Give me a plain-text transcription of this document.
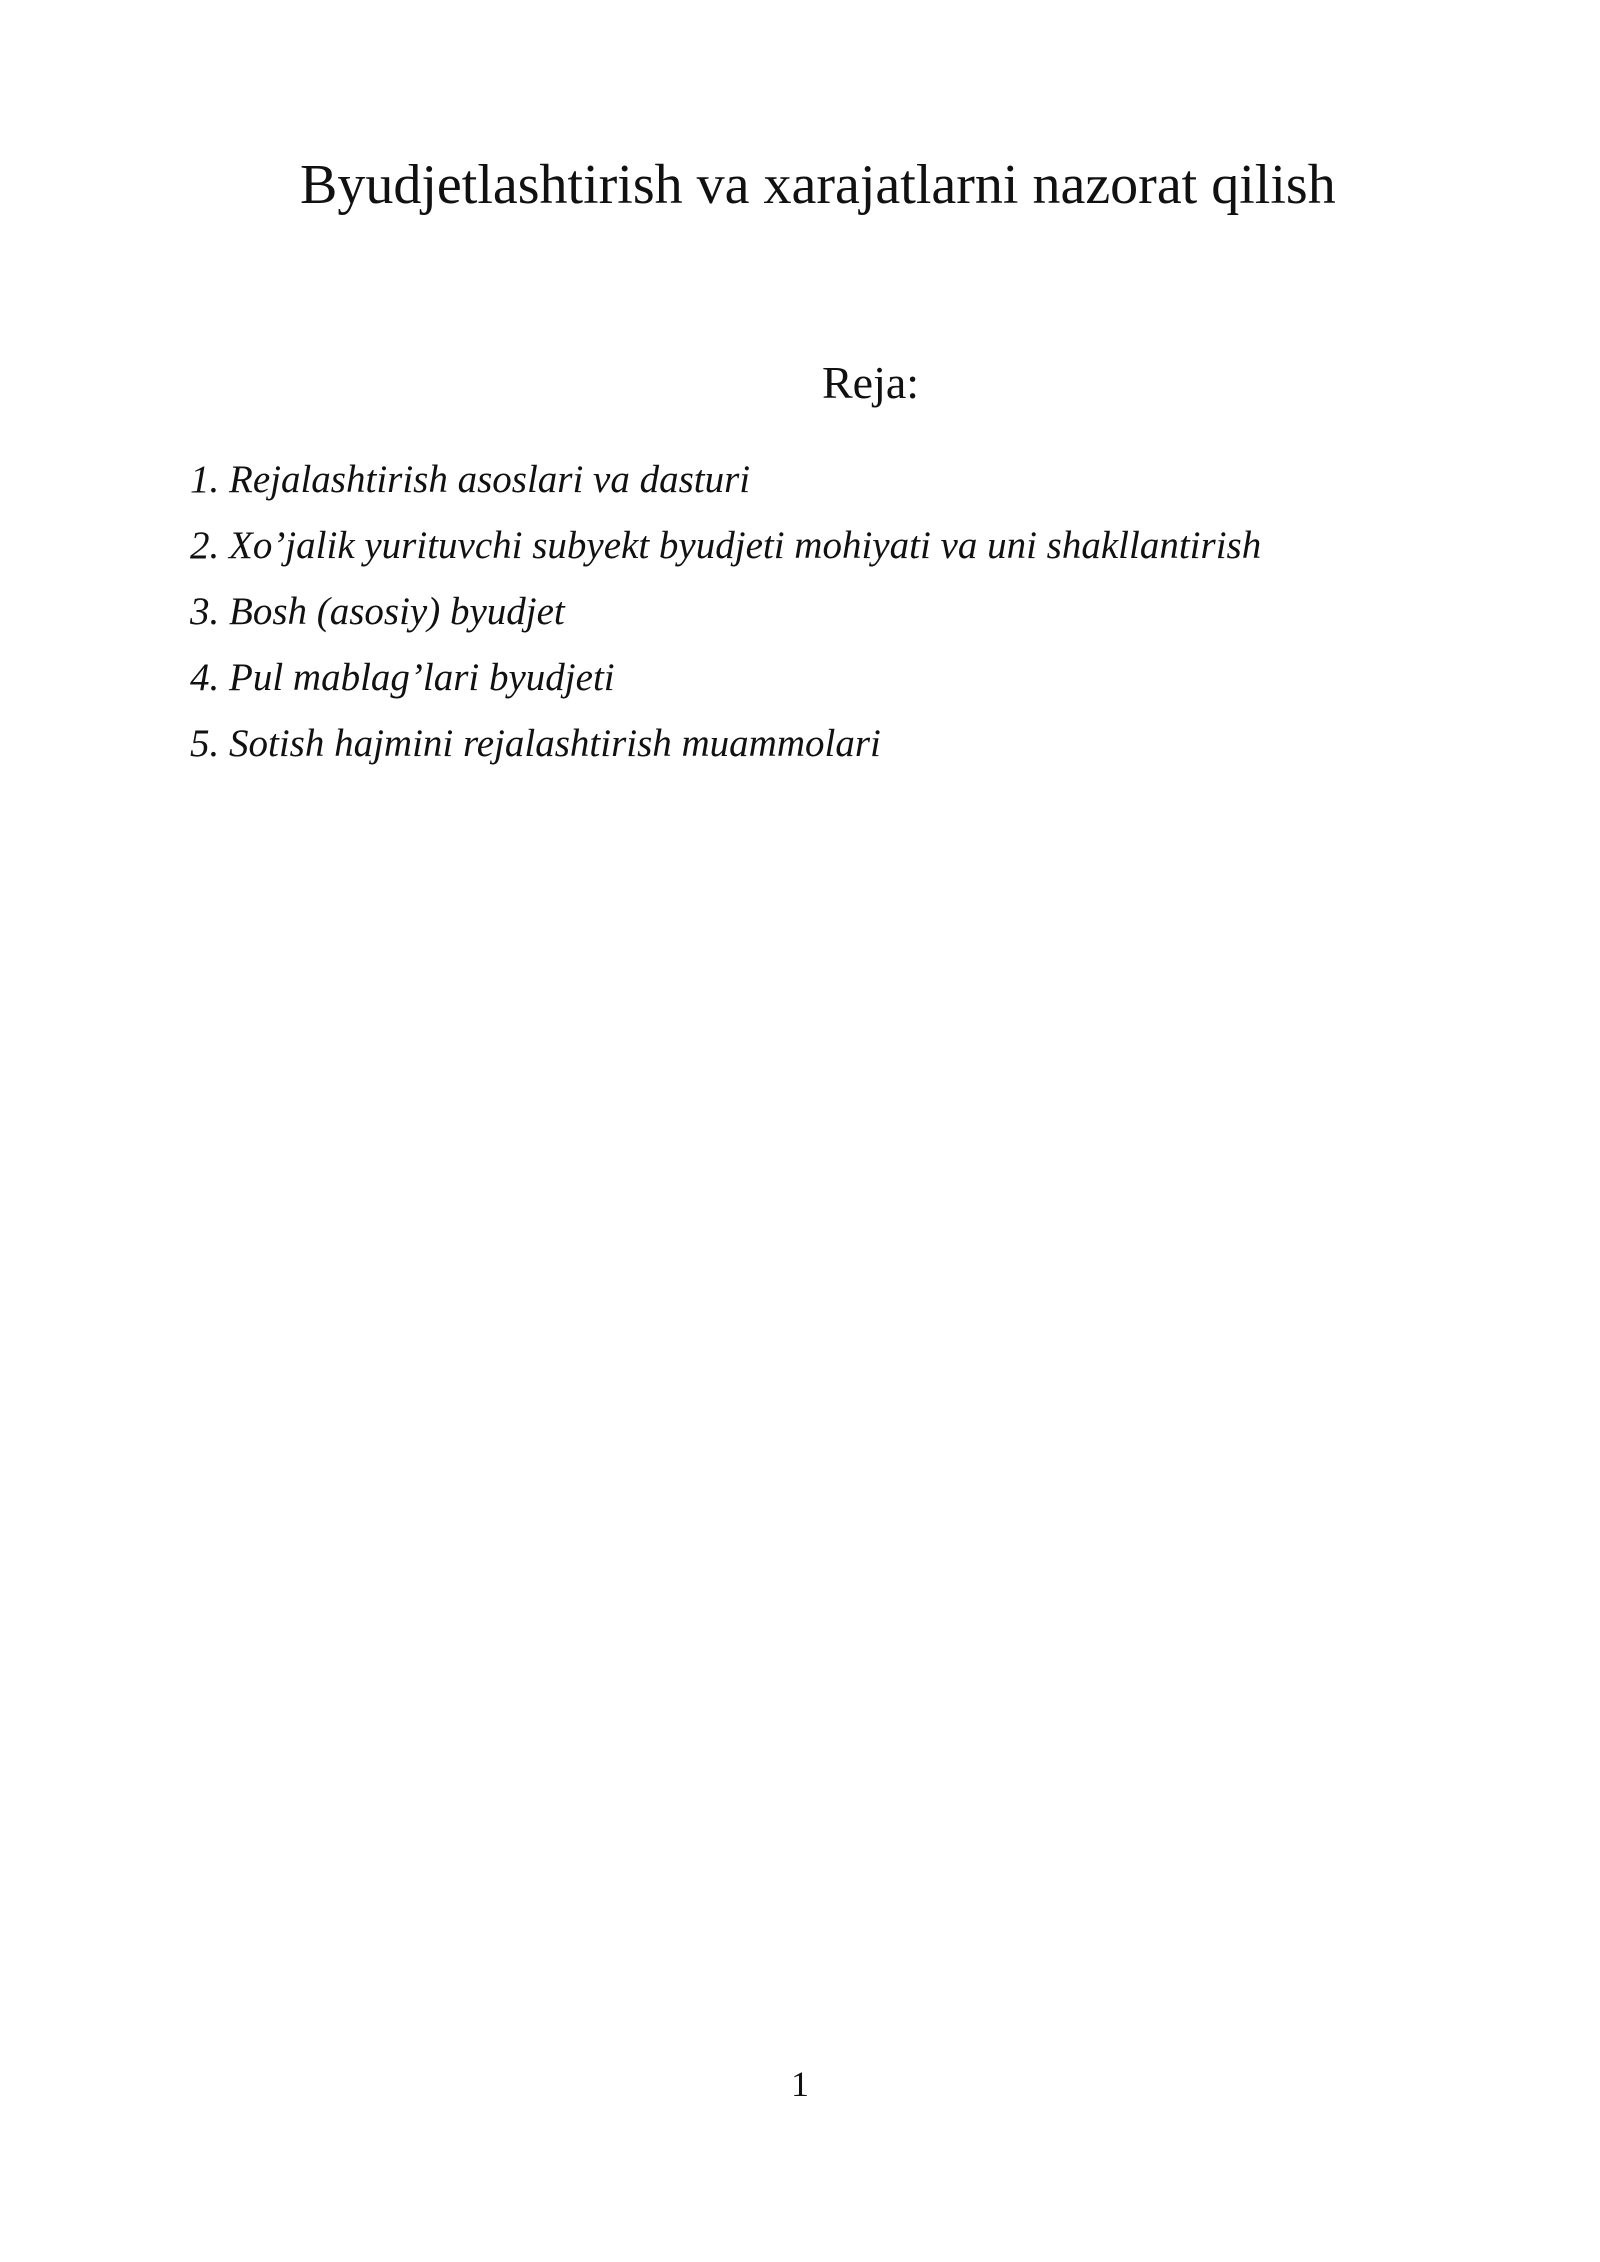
Byudjetlashtirish va xarajatlarni nazorat qilish

Reja:

1. Rejalashtirish asoslari va dasturi
2. Xo’jalik yurituvchi subyekt byudjeti mohiyati va uni shakllantirish
3. Bosh (asosiy) byudjet
4. Pul mablag’lari byudjeti
5. Sotish hajmini rejalashtirish muammolari
1
